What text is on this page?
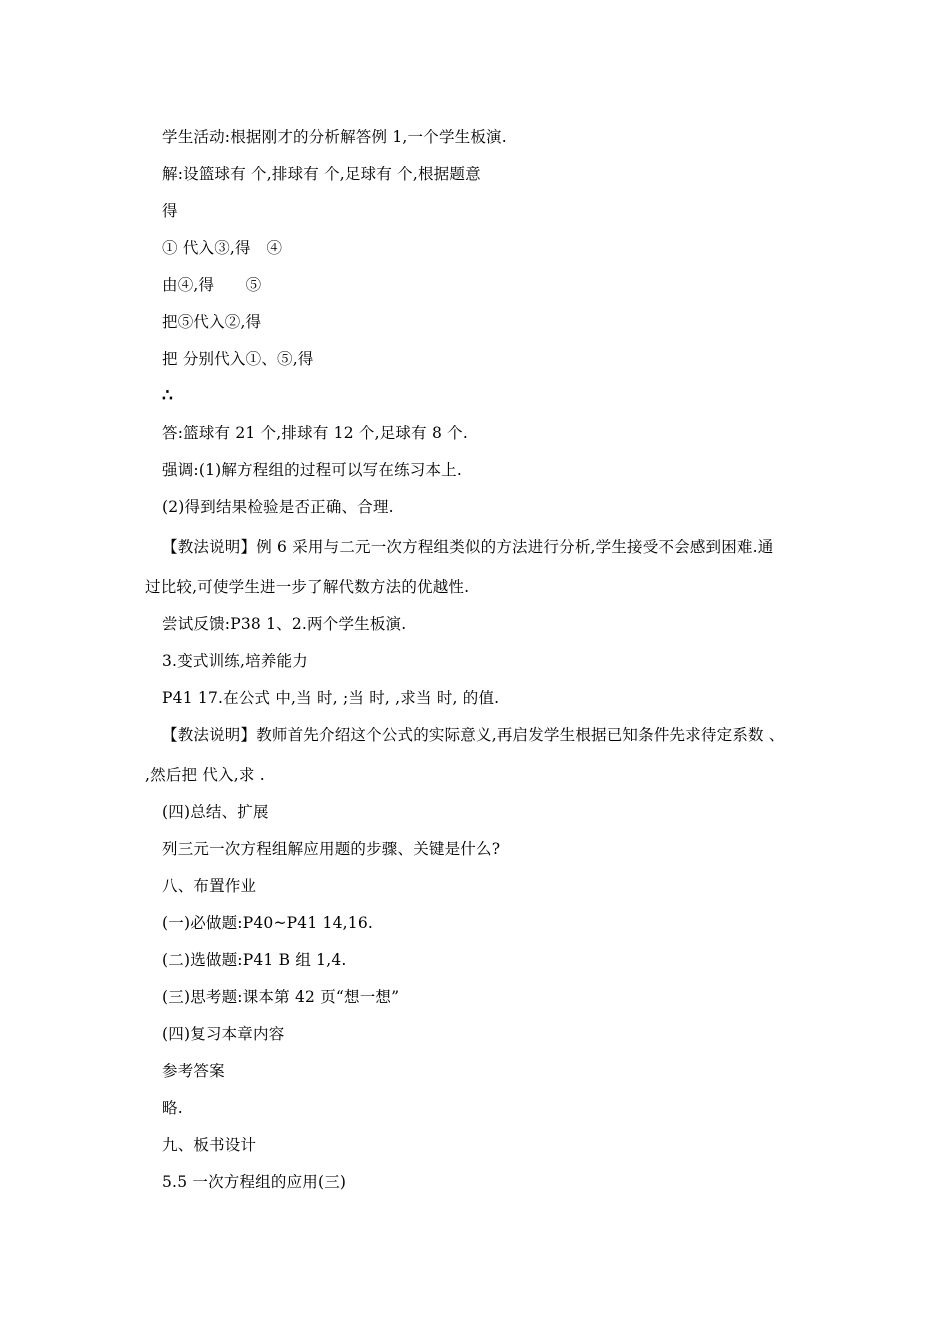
学生活动:根据刚才的分析解答例 1,一个学生板演.
解:设篮球有 个,排球有 个,足球有 个,根据题意
得
① 代入③,得　④
由④,得　　⑤
把⑤代入②,得
把 分别代入①、⑤,得
∴
答:篮球有 21 个,排球有 12 个,足球有 8 个.
强调:(1)解方程组的过程可以写在练习本上.
(2)得到结果检验是否正确、合理.
【教法说明】例 6 采用与二元一次方程组类似的方法进行分析,学生接受不会感到困难.通
过比较,可使学生进一步了解代数方法的优越性.
尝试反馈:P38 1、2.两个学生板演.
3.变式训练,培养能力
P41 17.在公式 中,当 时, ;当 时, ,求当 时, 的值.
【教法说明】教师首先介绍这个公式的实际意义,再启发学生根据已知条件先求待定系数 、
,然后把 代入,求 .
(四)总结、扩展
列三元一次方程组解应用题的步骤、关键是什么?
八、布置作业
(一)必做题:P40~P41 14,16.
(二)选做题:P41 B 组 1,4.
(三)思考题:课本第 42 页“想一想”
(四)复习本章内容
参考答案
略.
九、板书设计
5.5 一次方程组的应用(三)
